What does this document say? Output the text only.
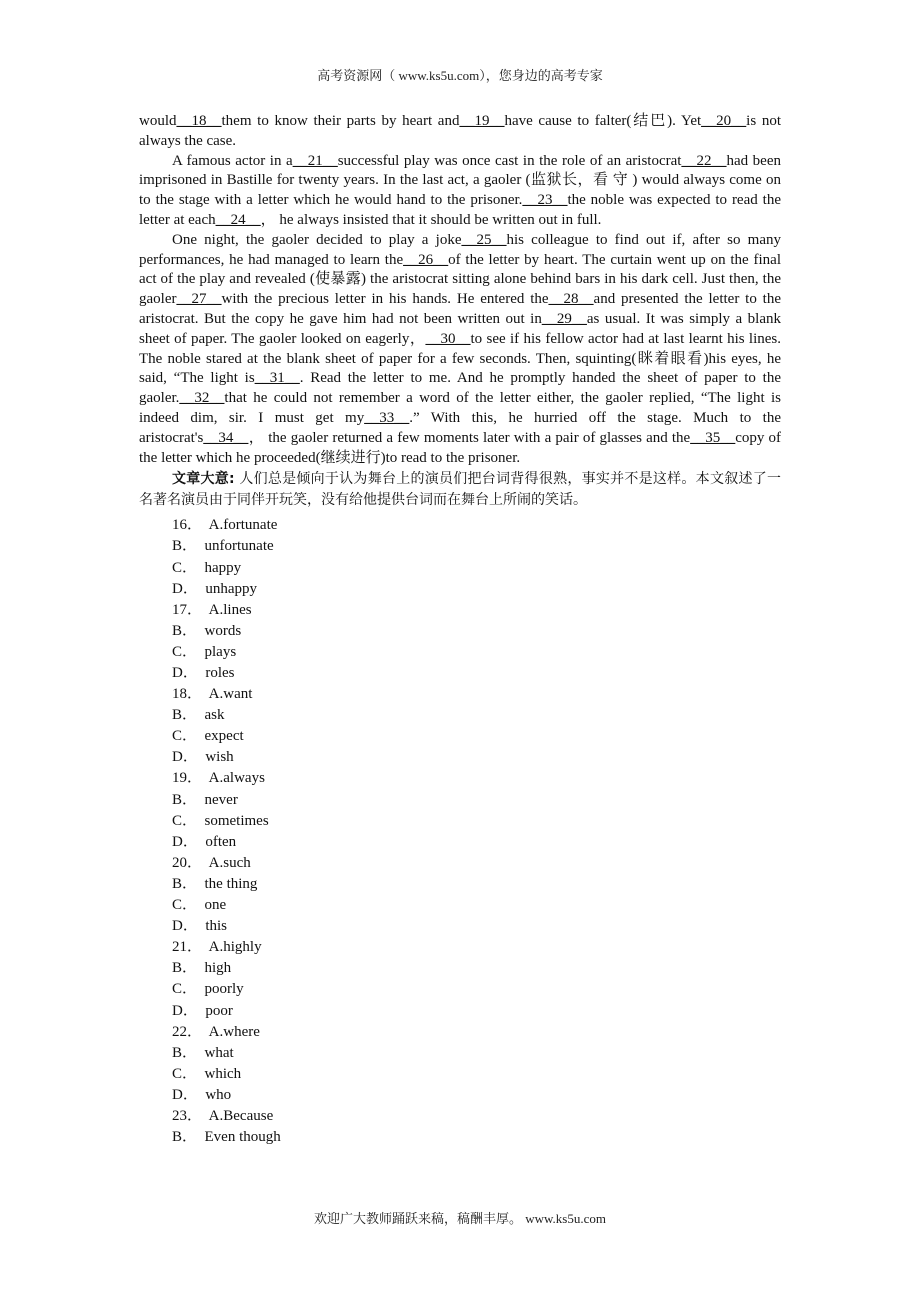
高考资源网（ www.ks5u.com），您身边的高考专家

would__18__them to know their parts by heart and__19__have cause to falter(结巴). Yet__20__is not always the case.

A famous actor in a__21__successful play was once cast in the role of an aristocrat__22__had been imprisoned in Bastille for twenty years. In the last act, a gaoler (监狱长，看 守 ) would always come on to the stage with a letter which he would hand to the prisoner.__23__the noble was expected to read the letter at each__24__， he always insisted that it should be written out in full.

One night, the gaoler decided to play a joke__25__his colleague to find out if, after so many performances, he had managed to learn the__26__of the letter by heart. The curtain went up on the final act of the play and revealed (使暴露) the aristocrat sitting alone behind bars in his dark cell. Just then, the gaoler__27__with the precious letter in his hands. He entered the__28__and presented the letter to the aristocrat. But the copy he gave him had not been written out in__29__as usual. It was simply a blank sheet of paper. The gaoler looked on eagerly，__30__to see if his fellow actor had at last learnt his lines. The noble stared at the blank sheet of paper for a few seconds. Then, squinting(眯着眼看)his eyes, he said, “The light is__31__. Read the letter to me. And he promptly handed the sheet of paper to the gaoler.__32__that he could not remember a word of the letter either, the gaoler replied, “The light is indeed dim, sir. I must get my__33__.” With this, he hurried off the stage. Much to the aristocrat's__34__， the gaoler returned a few moments later with a pair of glasses and the__35__copy of the letter which he proceeded(继续进行)to read to the prisoner.

文章大意: 人们总是倾向于认为舞台上的演员们把台词背得很熟，事实并不是这样。本文叙述了一名著名演员由于同伴开玩笑，没有给他提供台词而在舞台上所闹的笑话。

16．  A.fortunate
B．  unfortunate
C．  happy
D．  unhappy
17．  A.lines
B．  words
C．  plays
D．  roles
18．  A.want
B．  ask
C．  expect
D．  wish
19．  A.always
B．  never
C．  sometimes
D．  often
20．  A.such
B．  the thing
C．  one
D．  this
21．  A.highly
B．  high
C．  poorly
D．  poor
22．  A.where
B．  what
C．  which
D．  who
23．  A.Because
B．  Even though
欢迎广大教师踊跃来稿，稿酬丰厚。 www.ks5u.com
